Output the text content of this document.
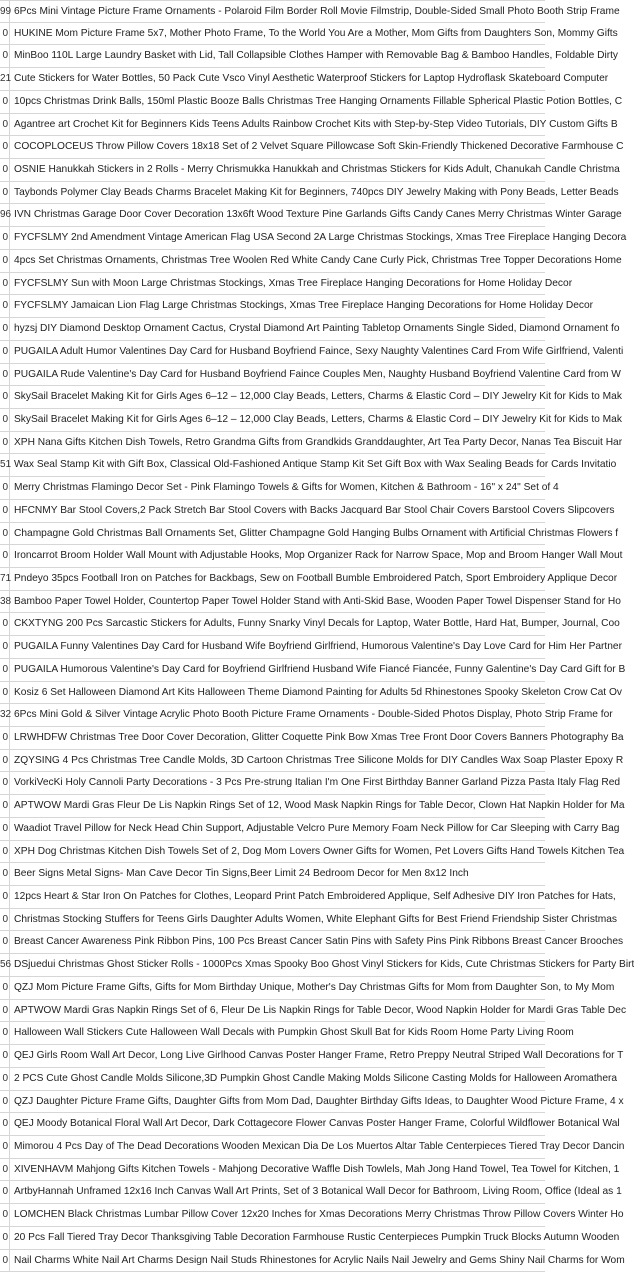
99 6Pcs Mini Vintage Picture Frame Ornaments - Polaroid Film Border Roll Movie Filmstrip, Double-Sided Small Photo Booth Strip Frame
0 HUKINE Mom Picture Frame 5x7, Mother Photo Frame, To the World You Are a Mother, Mom Gifts from Daughters Son, Mommy Gifts
0 MinBoo 110L Large Laundry Basket with Lid, Tall Collapsible Clothes Hamper with Removable Bag & Bamboo Handles, Foldable Dirty
21 Cute Stickers for Water Bottles, 50 Pack Cute Vsco Vinyl Aesthetic Waterproof Stickers for Laptop Hydroflask Skateboard Computer
0 10pcs Christmas Drink Balls, 150ml Plastic Booze Balls Christmas Tree Hanging Ornaments Fillable Spherical Plastic Potion Bottles, C
0 Agantree art Crochet Kit for Beginners Kids Teens Adults Rainbow Crochet Kits with Step-by-Step Video Tutorials, DIY Custom Gifts B
0 COCOPLOCEUS Throw Pillow Covers 18x18 Set of 2 Velvet Square Pillowcase Soft Skin-Friendly Thickened Decorative Farmhouse C
0 OSNIE Hanukkah Stickers in 2 Rolls - Merry Chrismukka Hanukkah and Christmas Stickers for Kids Adult, Chanukah Candle Christma
0 Taybonds Polymer Clay Beads Charms Bracelet Making Kit for Beginners, 740pcs DIY Jewelry Making with Pony Beads, Letter Beads
96 IVN Christmas Garage Door Cover Decoration 13x6ft Wood Texture Pine Garlands Gifts Candy Canes Merry Christmas Winter Garage
0 FYCFSLMY 2nd Amendment Vintage American Flag USA Second 2A Large Christmas Stockings, Xmas Tree Fireplace Hanging Decora
0 4pcs Set Christmas Ornaments, Christmas Tree Woolen Red White Candy Cane Curly Pick, Christmas Tree Topper Decorations Home
0 FYCFSLMY Sun with Moon Large Christmas Stockings, Xmas Tree Fireplace Hanging Decorations for Home Holiday Decor
0 FYCFSLMY Jamaican Lion Flag Large Christmas Stockings, Xmas Tree Fireplace Hanging Decorations for Home Holiday Decor
0 hyzsj DIY Diamond Desktop Ornament Cactus, Crystal Diamond Art Painting Tabletop Ornaments Single Sided, Diamond Ornament fo
0 PUGAILA Adult Humor Valentines Day Card for Husband Boyfriend Faince, Sexy Naughty Valentines Card From Wife Girlfriend, Valenti
0 PUGAILA Rude Valentine's Day Card for Husband Boyfriend Faince Couples Men, Naughty Husband Boyfriend Valentine Card from W
0 SkySail Bracelet Making Kit for Girls Ages 6–12 – 12,000 Clay Beads, Letters, Charms & Elastic Cord – DIY Jewelry Kit for Kids to Mak
0 SkySail Bracelet Making Kit for Girls Ages 6–12 – 12,000 Clay Beads, Letters, Charms & Elastic Cord – DIY Jewelry Kit for Kids to Mak
0 XPH Nana Gifts Kitchen Dish Towels, Retro Grandma Gifts from Grandkids Granddaughter, Art Tea Party Decor, Nanas Tea Biscuit Har
51 Wax Seal Stamp Kit with Gift Box, Classical Old-Fashioned Antique Stamp Kit Set Gift Box with Wax Sealing Beads for Cards Invitatio
0 Merry Christmas Flamingo Decor Set - Pink Flamingo Towels & Gifts for Women, Kitchen & Bathroom - 16" x 24" Set of 4
0 HFCNMY Bar Stool Covers,2 Pack Stretch Bar Stool Covers with Backs Jacquard Bar Stool Chair Covers Barstool Covers Slipcovers
0 Champagne Gold Christmas Ball Ornaments Set, Glitter Champagne Gold Hanging Bulbs Ornament with Artificial Christmas Flowers f
0 Ironcarrot Broom Holder Wall Mount with Adjustable Hooks, Mop Organizer Rack for Narrow Space, Mop and Broom Hanger Wall Mout
71 Pndeyo 35pcs Football Iron on Patches for Backbags, Sew on Football Bumble Embroidered Patch, Sport Embroidery Applique Decor
38 Bamboo Paper Towel Holder, Countertop Paper Towel Holder Stand with Anti-Skid Base, Wooden Paper Towel Dispenser Stand for Ho
0 CKXTYNG 200 Pcs Sarcastic Stickers for Adults, Funny Snarky Vinyl Decals for Laptop, Water Bottle, Hard Hat, Bumper, Journal, Coo
0 PUGAILA Funny Valentines Day Card for Husband Wife Boyfriend Girlfriend, Humorous Valentine's Day Love Card for Him Her Partner
0 PUGAILA Humorous Valentine's Day Card for Boyfriend Girlfriend Husband Wife Fiancé Fiancée, Funny Galentine's Day Card Gift for B
0 Kosiz 6 Set Halloween Diamond Art Kits Halloween Theme Diamond Painting for Adults 5d Rhinestones Spooky Skeleton Crow Cat Ov
32 6Pcs Mini Gold & Silver Vintage Acrylic Photo Booth Picture Frame Ornaments - Double-Sided Photos Display, Photo Strip Frame for
0 LRWHDFW Christmas Tree Door Cover Decoration, Glitter Coquette Pink Bow Xmas Tree Front Door Covers Banners Photography Ba
0 ZQYSING 4 Pcs Christmas Tree Candle Molds, 3D Cartoon Christmas Tree Silicone Molds for DIY Candles Wax Soap Plaster Epoxy R
0 VorkiVecKi Holy Cannoli Party Decorations - 3 Pcs Pre-strung Italian I'm One First Birthday Banner Garland Pizza Pasta Italy Flag Red
0 APTWOW Mardi Gras Fleur De Lis Napkin Rings Set of 12, Wood Mask Napkin Rings for Table Decor, Clown Hat Napkin Holder for Ma
0 Waadiot Travel Pillow for Neck Head Chin Support, Adjustable Velcro Pure Memory Foam Neck Pillow for Car Sleeping with Carry Bag
0 XPH Dog Christmas Kitchen Dish Towels Set of 2, Dog Mom Lovers Owner Gifts for Women, Pet Lovers Gifts Hand Towels Kitchen Tea
0 Beer Signs Metal Signs- Man Cave Decor Tin Signs,Beer Limit 24 Bedroom Decor for Men 8x12 Inch
0 12pcs Heart & Star Iron On Patches for Clothes, Leopard Print Patch Embroidered Applique, Self Adhesive DIY Iron Patches for Hats,
0 Christmas Stocking Stuffers for Teens Girls Daughter Adults Women, White Elephant Gifts for Best Friend Friendship Sister Christmas
0 Breast Cancer Awareness Pink Ribbon Pins, 100 Pcs Breast Cancer Satin Pins with Safety Pins Pink Ribbons Breast Cancer Brooches
56 DSjuedui Christmas Ghost Sticker Rolls - 1000Pcs Xmas Spooky Boo Ghost Vinyl Stickers for Kids, Cute Christmas Stickers for Party Birt
0 QZJ Mom Picture Frame Gifts, Gifts for Mom Birthday Unique, Mother's Day Christmas Gifts for Mom from Daughter Son, to My Mom
0 APTWOW Mardi Gras Napkin Rings Set of 6, Fleur De Lis Napkin Rings for Table Decor, Wood Napkin Holder for Mardi Gras Table Dec
0 Halloween Wall Stickers Cute Halloween Wall Decals with Pumpkin Ghost Skull Bat for Kids Room Home Party Living Room
0 QEJ Girls Room Wall Art Decor, Long Live Girlhood Canvas Poster Hanger Frame, Retro Preppy Neutral Striped Wall Decorations for T
0 2 PCS Cute Ghost Candle Molds Silicone,3D Pumpkin Ghost Candle Making Molds Silicone Casting Molds for Halloween Aromathera
0 QZJ Daughter Picture Frame Gifts, Daughter Gifts from Mom Dad, Daughter Birthday Gifts Ideas, to Daughter Wood Picture Frame, 4 x
0 QEJ Moody Botanical Floral Wall Art Decor, Dark Cottagecore Flower Canvas Poster Hanger Frame, Colorful Wildflower Botanical Wal
0 Mimorou 4 Pcs Day of The Dead Decorations Wooden Mexican Dia De Los Muertos Altar Table Centerpieces Tiered Tray Decor Dancin
0 XIVENHAVM Mahjong Gifts Kitchen Towels - Mahjong Decorative Waffle Dish Towlels, Mah Jong Hand Towel, Tea Towel for Kitchen, 1
0 ArtbyHannah Unframed 12x16 Inch Canvas Wall Art Prints, Set of 3 Botanical Wall Decor for Bathroom, Living Room, Office (Ideal as 1
0 LOMCHEN Black Christmas Lumbar Pillow Cover 12x20 Inches for Xmas Decorations Merry Christmas Throw Pillow Covers Winter Ho
0 20 Pcs Fall Tiered Tray Decor Thanksgiving Table Decoration Farmhouse Rustic Centerpieces Pumpkin Truck Blocks Autumn Wooden
0 Nail Charms White Nail Art Charms Design Nail Studs Rhinestones for Acrylic Nails Nail Jewelry and Gems Shiny Nail Charms for Wom
